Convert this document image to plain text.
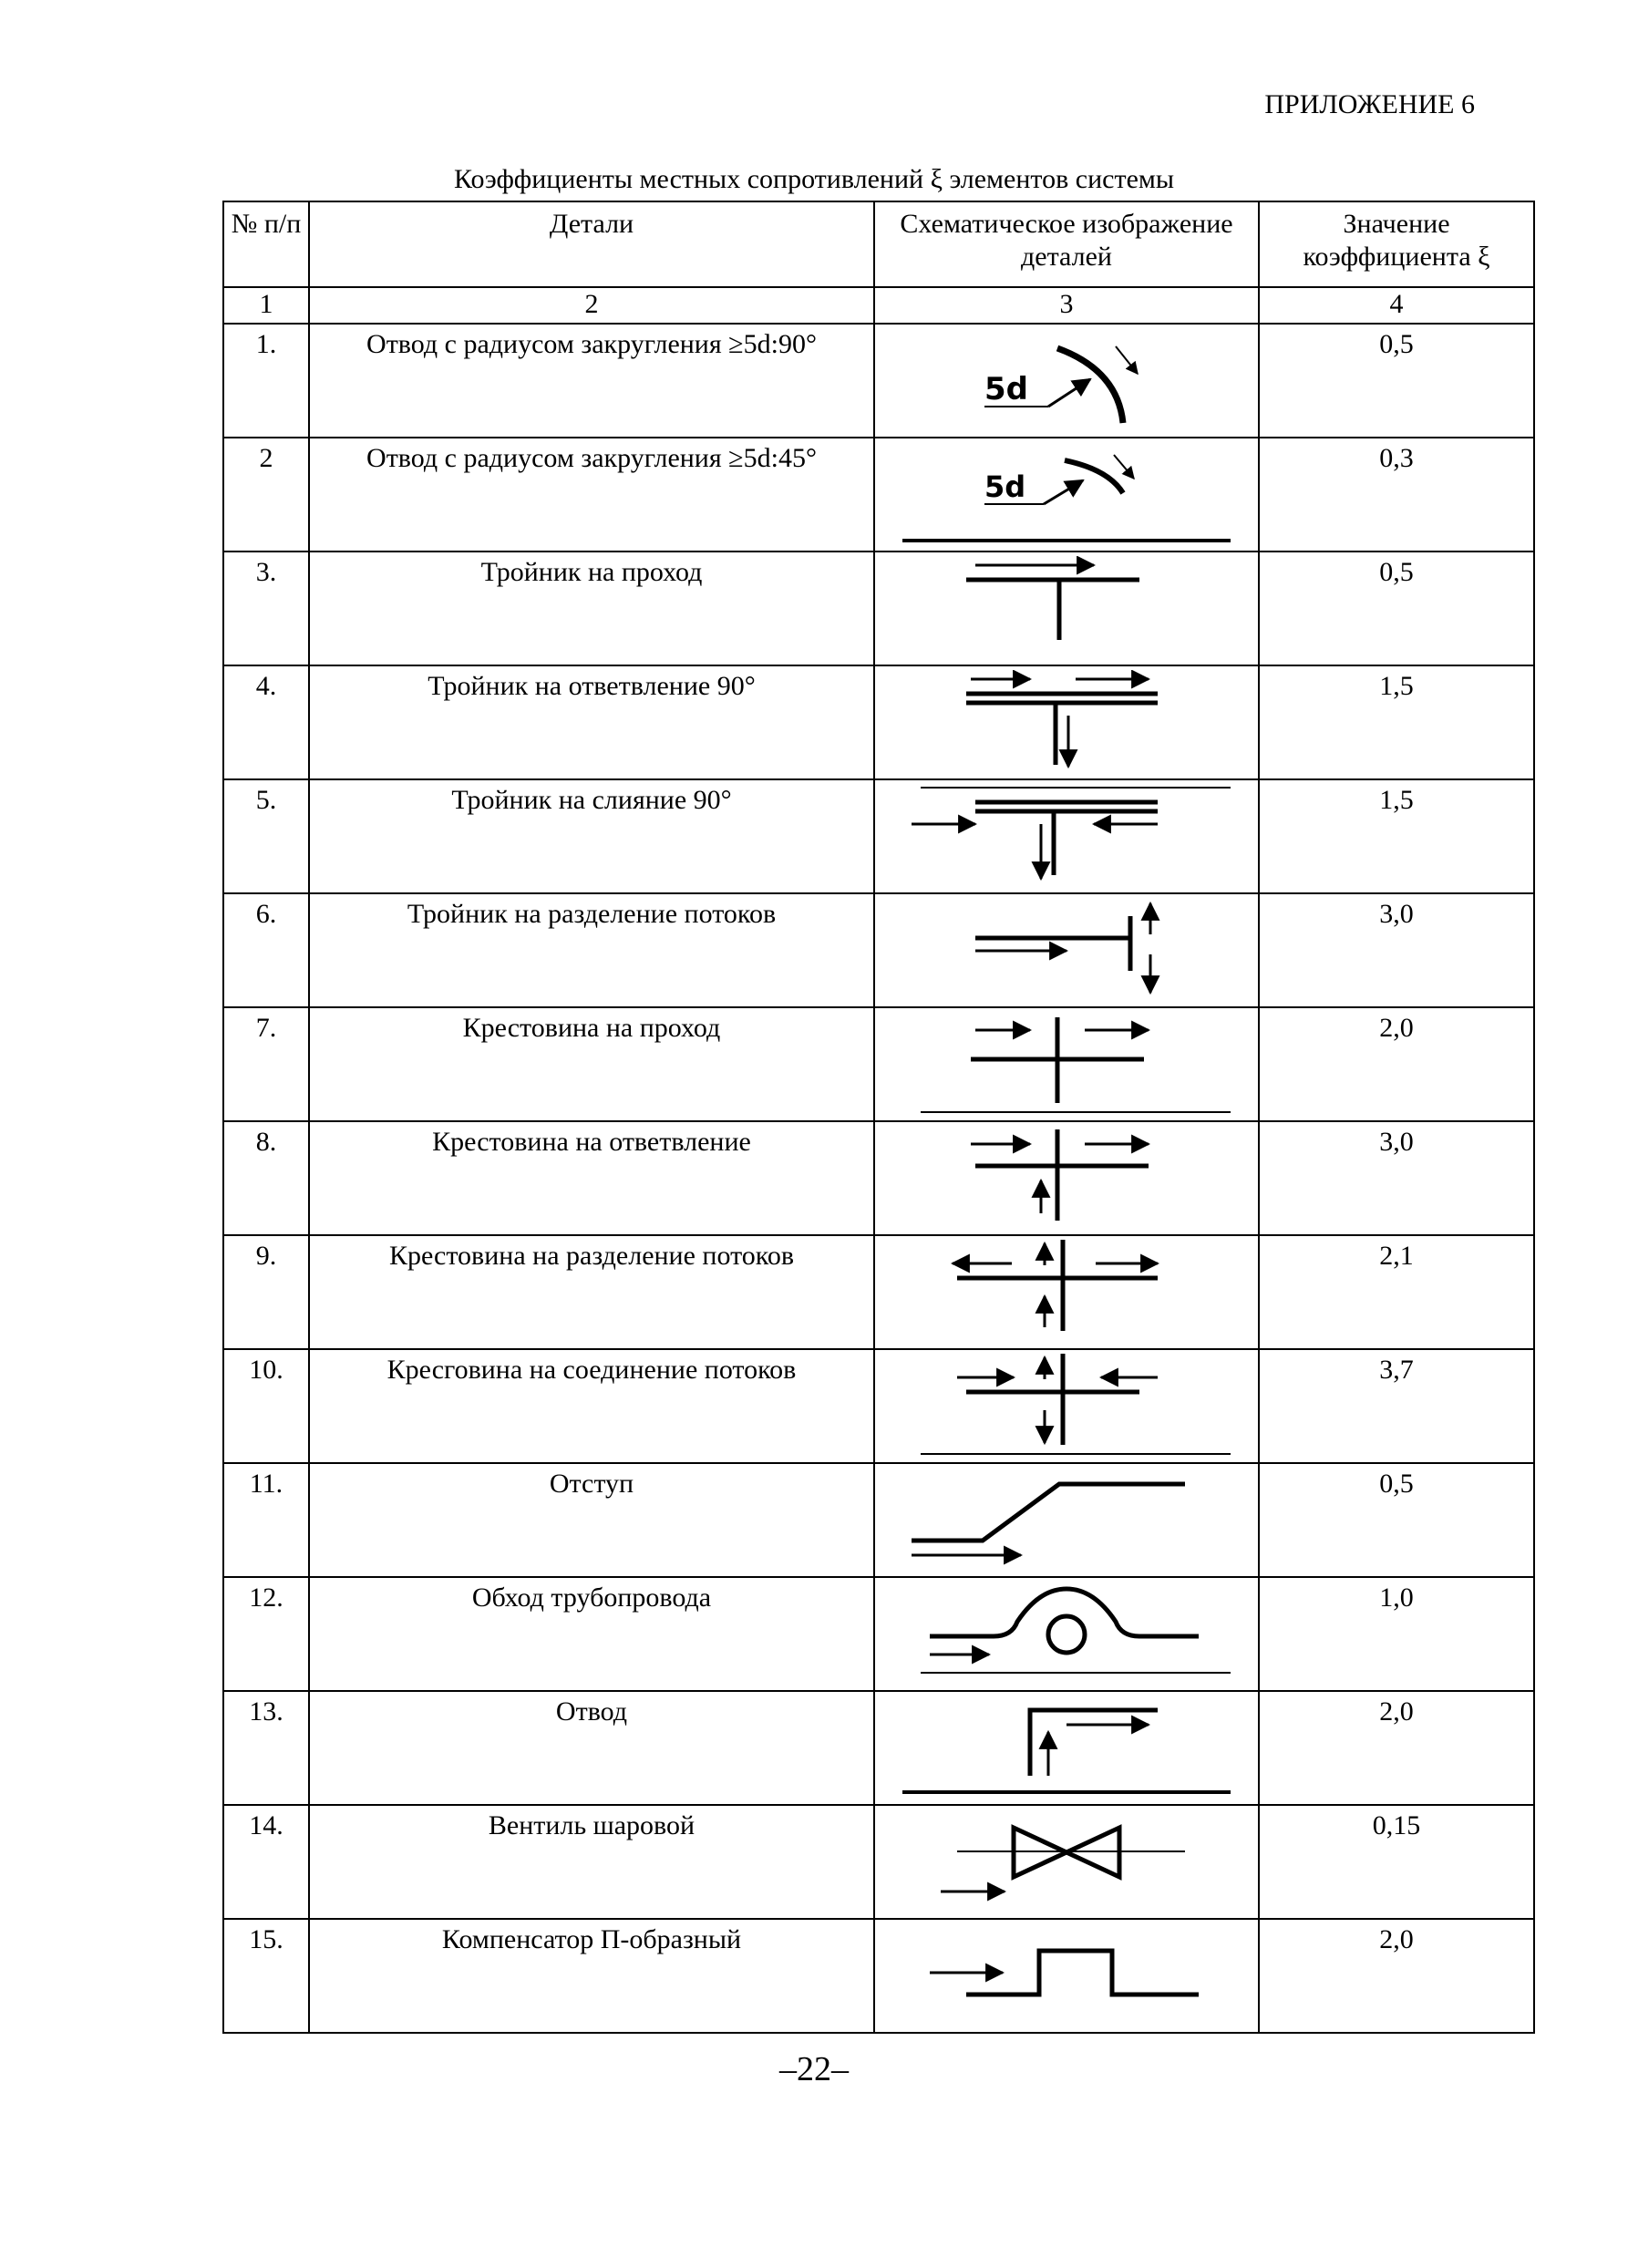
ПРИЛОЖЕНИЕ 6
Коэффициенты местных сопротивлений ξ элементов системы
№ п/п	Детали	Схематическое изображение деталей	Значение коэффициента ξ
1	2	3	4
1.	Отвод с радиусом закругления ≥5d:90°	5d	0,5
2	Отвод с радиусом закругления ≥5d:45°	5d	0,3
3.	Тройник на проход		0,5
4.	Тройник на ответвление 90°		1,5
5.	Тройник на слияние 90°		1,5
6.	Тройник на разделение потоков		3,0
7.	Крестовина на проход		2,0
8.	Крестовина на ответвление		3,0
9.	Крестовина на разделение потоков		2,1
10.	Кресговина на соединение потоков		3,7
11.	Отступ		0,5
12.	Обход трубопровода		1,0
13.	Отвод		2,0
14.	Вентиль шаровой		0,15
15.	Компенсатор П-образный		2,0
–22–
